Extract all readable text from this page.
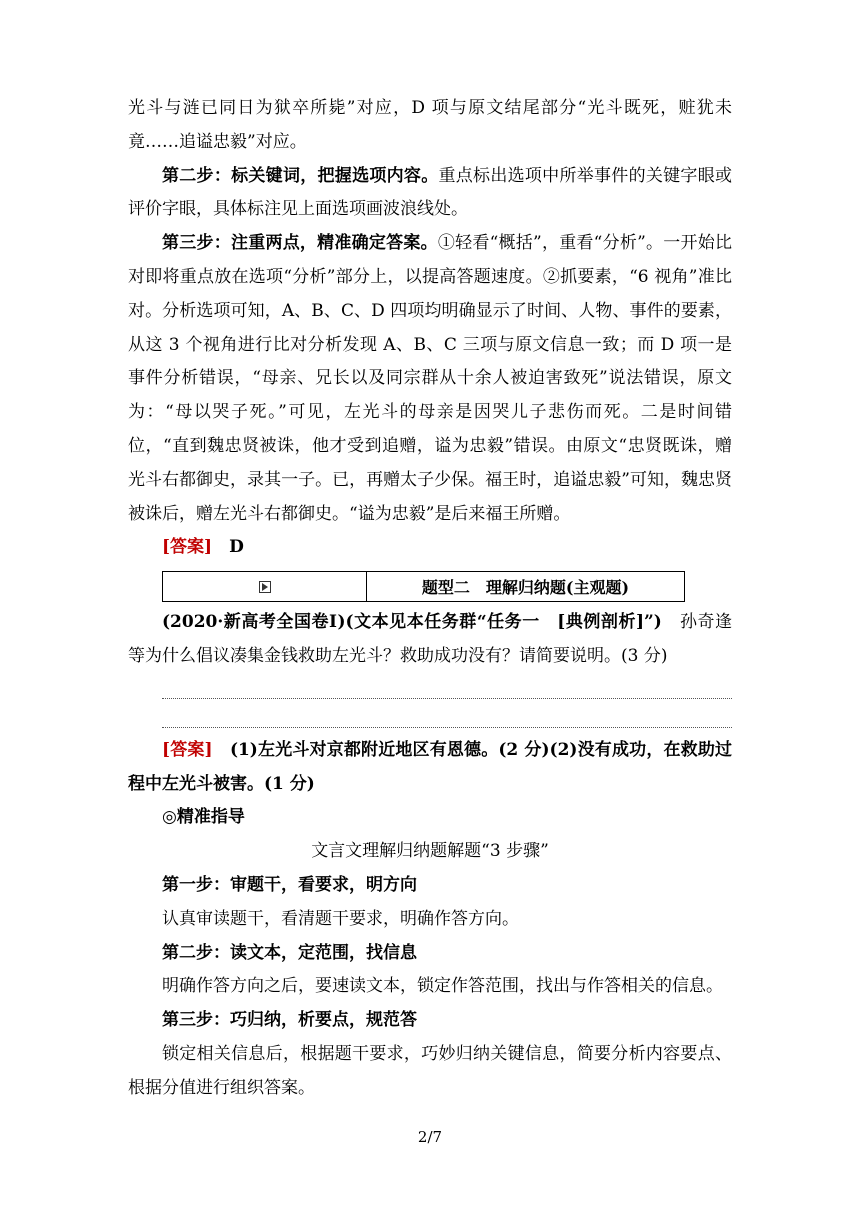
光斗与涟已同日为狱卒所毙”对应，D 项与原文结尾部分“光斗既死，赃犹未竟……追谥忠毅”对应。

第二步：标关键词，把握选项内容。重点标出选项中所举事件的关键字眼或评价字眼，具体标注见上面选项画波浪线处。

第三步：注重两点，精准确定答案。①轻看“概括”，重看“分析”。一开始比对即将重点放在选项“分析”部分上，以提高答题速度。②抓要素，“6 视角”准比对。分析选项可知，A、B、C、D 四项均明确显示了时间、人物、事件的要素，从这 3 个视角进行比对分析发现 A、B、C 三项与原文信息一致；而 D 项一是事件分析错误，“母亲、兄长以及同宗群从十余人被迫害致死”说法错误，原文为：“母以哭子死。”可见，左光斗的母亲是因哭儿子悲伤而死。二是时间错位，“直到魏忠贤被诛，他才受到追赠，谥为忠毅”错误。由原文“忠贤既诛，赠光斗右都御史，录其一子。已，再赠太子少保。福王时，追谥忠毅”可知，魏忠贤被诛后，赠左光斗右都御史。“谥为忠毅”是后来福王所赠。

[答案]　 D

题型二　理解归纳题(主观题)

(2020·新高考全国卷Ⅰ)(文本见本任务群“任务一　[典例剖析]”)　 孙奇逢等为什么倡议凑集金钱救助左光斗？救助成功没有？请简要说明。(3 分)

[答案]　 (1)左光斗对京都附近地区有恩德。(2 分)(2)没有成功，在救助过程中左光斗被害。(1 分)

◎精准指导

文言文理解归纳题解题“3 步骤”

第一步：审题干，看要求，明方向

认真审读题干，看清题干要求，明确作答方向。

第二步：读文本，定范围，找信息

明确作答方向之后，要速读文本，锁定作答范围，找出与作答相关的信息。

第三步：巧归纳，析要点，规范答

锁定相关信息后，根据题干要求，巧妙归纳关键信息，简要分析内容要点、根据分值进行组织答案。

2/7
